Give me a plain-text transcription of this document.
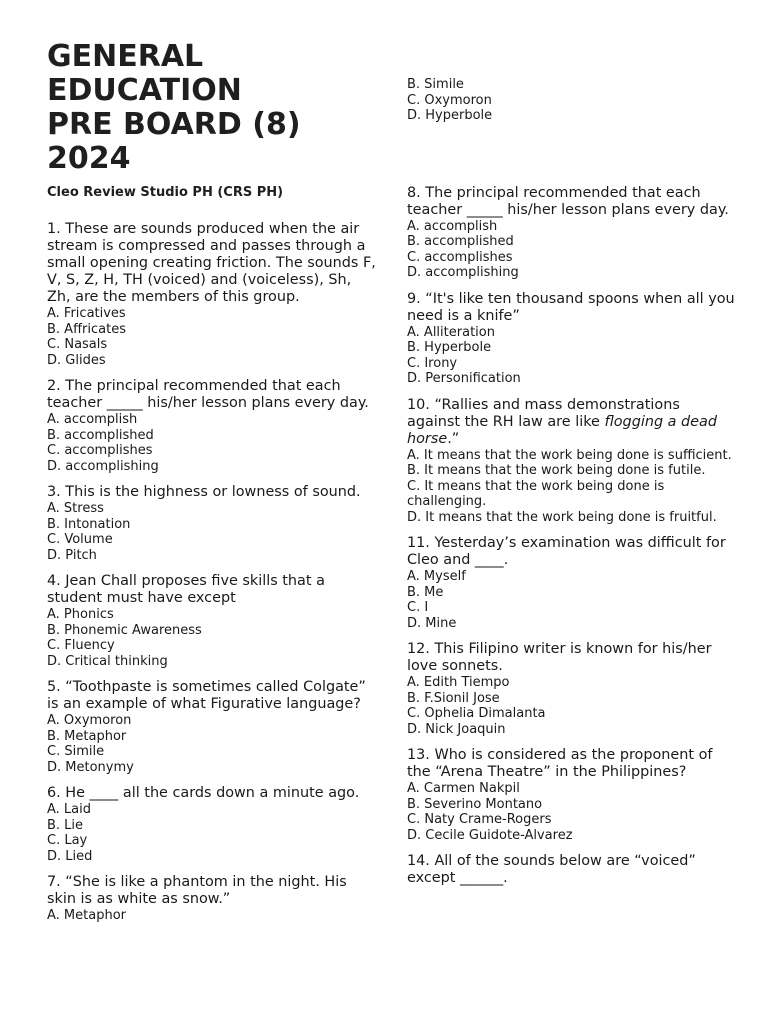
GENERAL EDUCATION
PRE BOARD (8)
2024

Cleo Review Studio PH (CRS PH)

1. These are sounds produced when the air stream is compressed and passes through a small opening creating friction. The sounds F, V, S, Z, H, TH (voiced) and (voiceless), Sh, Zh, are the members of this group.

A. Fricatives

B. Affricates

C. Nasals

D. Glides

2. The principal recommended that each teacher _____ his/her lesson plans every day.

A. accomplish

B. accomplished

C. accomplishes

D. accomplishing

3. This is the highness or lowness of sound.

A. Stress

B. Intonation

C. Volume

D. Pitch

4. Jean Chall proposes five skills that a student must have except

A. Phonics

B. Phonemic Awareness

C. Fluency

D. Critical thinking

5. “Toothpaste is sometimes called Colgate” is an example of what Figurative language?

A. Oxymoron

B. Metaphor

C. Simile

D. Metonymy

6. He ____ all the cards down a minute ago.

A. Laid

B. Lie

C. Lay

D. Lied

7. “She is like a phantom in the night. His skin is as white as snow.”

A. Metaphor

B. Simile

C. Oxymoron

D. Hyperbole

8. The principal recommended that each teacher _____ his/her lesson plans every day.

A. accomplish

B. accomplished

C. accomplishes

D. accomplishing

9. “It's like ten thousand spoons when all you need is a knife”

A. Alliteration

B. Hyperbole

C. Irony

D. Personification

10. “Rallies and mass demonstrations against the RH law are like flogging a dead horse.”

A. It means that the work being done is sufficient.

B. It means that the work being done is futile.

C. It means that the work being done is challenging.

D. It means that the work being done is fruitful.

11. Yesterday’s examination was difficult for Cleo and ____.

A. Myself

B. Me

C. I

D. Mine

12. This Filipino writer is known for his/her love sonnets.

A. Edith Tiempo

B. F.Sionil Jose

C. Ophelia Dimalanta

D. Nick Joaquin

13. Who is considered as the proponent of the “Arena Theatre” in the Philippines?

A. Carmen Nakpil

B. Severino Montano

C. Naty Crame-Rogers

D. Cecile Guidote-Alvarez

14. All of the sounds below are “voiced” except ______.
